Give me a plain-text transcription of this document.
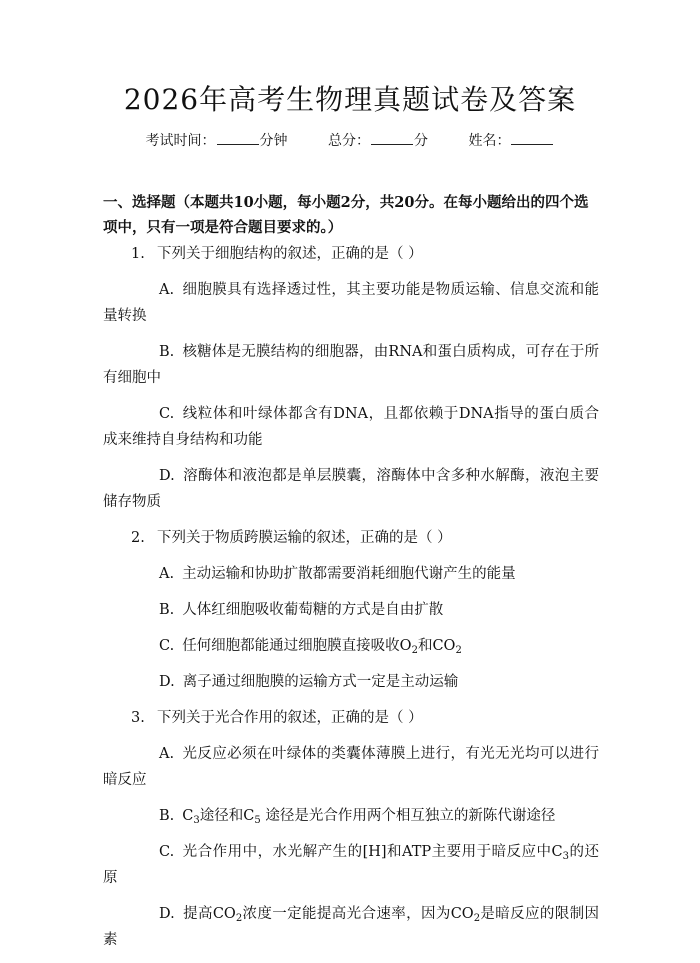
2026年高考生物理真题试卷及答案
考试时间：	分钟	总分：	分	姓名：
一、选择题（本题共10小题，每小题2分，共20分。在每小题给出的四个选项中，只有一项是符合题目要求的。）
1. 下列关于细胞结构的叙述，正确的是（ ）
A. 细胞膜具有选择透过性，其主要功能是物质运输、信息交流和能量转换
B. 核糖体是无膜结构的细胞器，由RNA和蛋白质构成，可存在于所有细胞中
C. 线粒体和叶绿体都含有DNA，且都依赖于DNA指导的蛋白质合成来维持自身结构和功能
D. 溶酶体和液泡都是单层膜囊，溶酶体中含多种水解酶，液泡主要储存物质
2. 下列关于物质跨膜运输的叙述，正确的是（ ）
A. 主动运输和协助扩散都需要消耗细胞代谢产生的能量
B. 人体红细胞吸收葡萄糖的方式是自由扩散
C. 任何细胞都能通过细胞膜直接吸收$O_2$和$CO_2$
D. 离子通过细胞膜的运输方式一定是主动运输
3. 下列关于光合作用的叙述，正确的是（ ）
A. 光反应必须在叶绿体的类囊体薄膜上进行，有光无光均可以进行暗反应
B. $C_3$途径和$C_5$ 途径是光合作用两个相互独立的新陈代谢途径
C. 光合作用中，水光解产生的[H]和ATP主要用于暗反应中$C_3$的还原
D. 提高$CO_2$浓度一定能提高光合速率，因为$CO_2$是暗反应的限制因素
